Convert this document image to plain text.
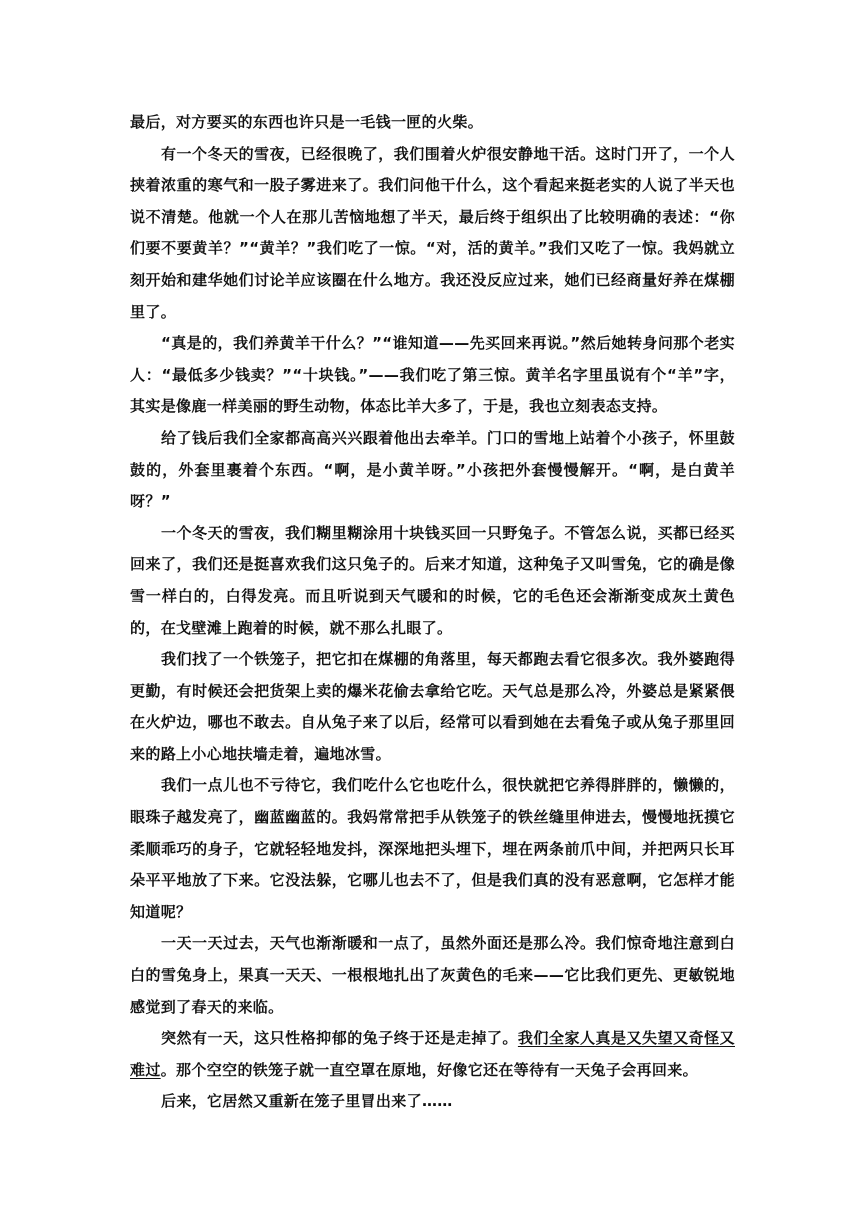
最后，对方要买的东西也许只是一毛钱一匣的火柴。

有一个冬天的雪夜，已经很晚了，我们围着火炉很安静地干活。这时门开了，一个人挟着浓重的寒气和一股子雾进来了。我们问他干什么，这个看起来挺老实的人说了半天也说不清楚。他就一个人在那儿苦恼地想了半天，最后终于组织出了比较明确的表述：“你们要不要黄羊？”“黄羊？”我们吃了一惊。“对，活的黄羊。”我们又吃了一惊。我妈就立刻开始和建华她们讨论羊应该圈在什么地方。我还没反应过来，她们已经商量好养在煤棚里了。

“真是的，我们养黄羊干什么？”“谁知道——先买回来再说。”然后她转身问那个老实人：“最低多少钱卖？”“十块钱。”——我们吃了第三惊。黄羊名字里虽说有个“羊”字，其实是像鹿一样美丽的野生动物，体态比羊大多了，于是，我也立刻表态支持。

给了钱后我们全家都高高兴兴跟着他出去牵羊。门口的雪地上站着个小孩子，怀里鼓鼓的，外套里裹着个东西。“啊，是小黄羊呀。”小孩把外套慢慢解开。“啊，是白黄羊呀？”

一个冬天的雪夜，我们糊里糊涂用十块钱买回一只野兔子。不管怎么说，买都已经买回来了，我们还是挺喜欢我们这只兔子的。后来才知道，这种兔子又叫雪兔，它的确是像雪一样白的，白得发亮。而且听说到天气暖和的时候，它的毛色还会渐渐变成灰土黄色的，在戈壁滩上跑着的时候，就不那么扎眼了。

我们找了一个铁笼子，把它扣在煤棚的角落里，每天都跑去看它很多次。我外婆跑得更勤，有时候还会把货架上卖的爆米花偷去拿给它吃。天气总是那么冷，外婆总是紧紧偎在火炉边，哪也不敢去。自从兔子来了以后，经常可以看到她在去看兔子或从兔子那里回来的路上小心地扶墙走着，遍地冰雪。

我们一点儿也不亏待它，我们吃什么它也吃什么，很快就把它养得胖胖的，懒懒的，眼珠子越发亮了，幽蓝幽蓝的。我妈常常把手从铁笼子的铁丝缝里伸进去，慢慢地抚摸它柔顺乖巧的身子，它就轻轻地发抖，深深地把头埋下，埋在两条前爪中间，并把两只长耳朵平平地放了下来。它没法躲，它哪儿也去不了，但是我们真的没有恶意啊，它怎样才能知道呢？

一天一天过去，天气也渐渐暖和一点了，虽然外面还是那么冷。我们惊奇地注意到白白的雪兔身上，果真一天天、一根根地扎出了灰黄色的毛来——它比我们更先、更敏锐地感觉到了春天的来临。

突然有一天，这只性格抑郁的兔子终于还是走掉了。我们全家人真是又失望又奇怪又难过。那个空空的铁笼子就一直空罩在原地，好像它还在等待有一天兔子会再回来。

后来，它居然又重新在笼子里冒出来了……
